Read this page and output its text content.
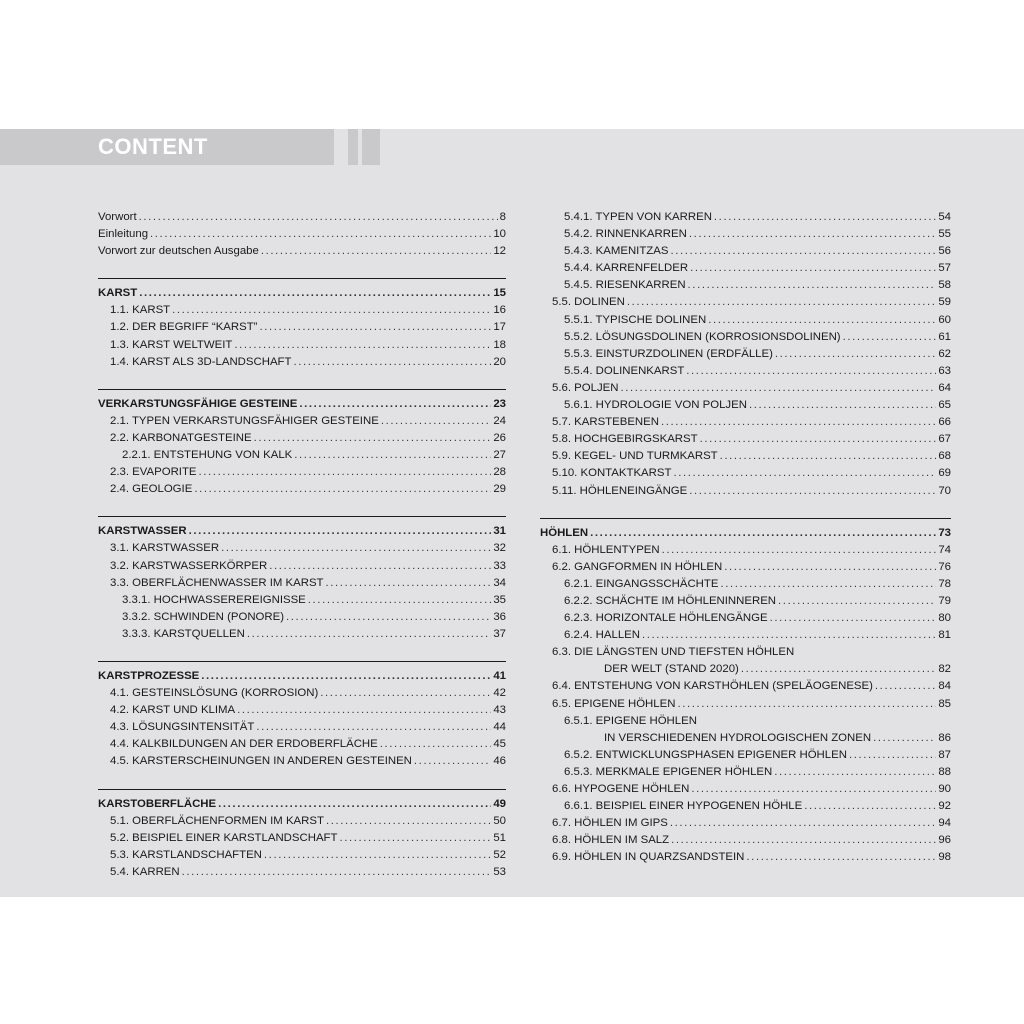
CONTENT
Vorwort .....	8
Einleitung .....	10
Vorwort zur deutschen Ausgabe .....	12
KARST .....	15
1.1. KARST .....	16
1.2. DER BEGRIFF “KARST” .....	17
1.3. KARST WELTWEIT .....	18
1.4. KARST ALS 3D-LANDSCHAFT .....	20
VERKARSTUNGSFÄHIGE GESTEINE .....	23
2.1. TYPEN VERKARSTUNGSFÄHIGER GESTEINE .....	24
2.2. KARBONATGESTEINE .....	26
2.2.1. ENTSTEHUNG VON KALK .....	27
2.3. EVAPORITE .....	28
2.4. GEOLOGIE .....	29
KARSTWASSER .....	31
3.1. KARSTWASSER .....	32
3.2. KARSTWASSERKÖRPER .....	33
3.3. OBERFLÄCHENWASSER IM KARST .....	34
3.3.1. HOCHWASSEREREIGNISSE .....	35
3.3.2. SCHWINDEN (PONORE) .....	36
3.3.3. KARSTQUELLEN .....	37
KARSTPROZESSE .....	41
4.1. GESTEINSLÖSUNG (KORROSION) .....	42
4.2. KARST UND KLIMA .....	43
4.3. LÖSUNGSINTENSITÄT .....	44
4.4. KALKBILDUNGEN AN DER ERDOBERFLÄCHE .....	45
4.5. KARSTERSCHEINUNGEN IN ANDEREN GESTEINEN .....	46
KARSTOBERFLÄCHE .....	49
5.1. OBERFLÄCHENFORMEN IM KARST .....	50
5.2. BEISPIEL EINER KARSTLANDSCHAFT .....	51
5.3. KARSTLANDSCHAFTEN .....	52
5.4. KARREN .....	53
5.4.1. TYPEN VON KARREN .....	54
5.4.2. RINNENKARREN .....	55
5.4.3. KAMENITZAS .....	56
5.4.4. KARRENFELDER .....	57
5.4.5. RIESENKARREN .....	58
5.5. DOLINEN .....	59
5.5.1. TYPISCHE DOLINEN .....	60
5.5.2. LÖSUNGSDOLINEN (KORROSIONSDOLINEN) .....	61
5.5.3. EINSTURZDOLINEN (ERDFÄLLE) .....	62
5.5.4. DOLINENKARST .....	63
5.6. POLJEN .....	64
5.6.1. HYDROLOGIE VON POLJEN .....	65
5.7. KARSTEBENEN .....	66
5.8. HOCHGEBIRGSKARST .....	67
5.9. KEGEL- UND TURMKARST .....	68
5.10. KONTAKTKARST .....	69
5.11. HÖHLENEINGÄNGE .....	70
HÖHLEN .....	73
6.1. HÖHLENTYPEN .....	74
6.2. GANGFORMEN IN HÖHLEN .....	76
6.2.1. EINGANGSSCHÄCHTE .....	78
6.2.2. SCHÄCHTE IM HÖHLENINNEREN .....	79
6.2.3. HORIZONTALE HÖHLENGÄNGE .....	80
6.2.4. HALLEN .....	81
6.3. DIE LÄNGSTEN UND TIEFSTEN HÖHLEN
DER WELT (STAND 2020) .....	82
6.4. ENTSTEHUNG VON KARSTHÖHLEN (SPELÄOGENESE) .....	84
6.5. EPIGENE HÖHLEN .....	85
6.5.1. EPIGENE HÖHLEN
IN VERSCHIEDENEN HYDROLOGISCHEN ZONEN .....	86
6.5.2. ENTWICKLUNGSPHASEN EPIGENER HÖHLEN .....	87
6.5.3. MERKMALE EPIGENER HÖHLEN .....	88
6.6. HYPOGENE HÖHLEN .....	90
6.6.1. BEISPIEL EINER HYPOGENEN HÖHLE .....	92
6.7. HÖHLEN IM GIPS .....	94
6.8. HÖHLEN IM SALZ .....	96
6.9. HÖHLEN IN QUARZSANDSTEIN .....	98
